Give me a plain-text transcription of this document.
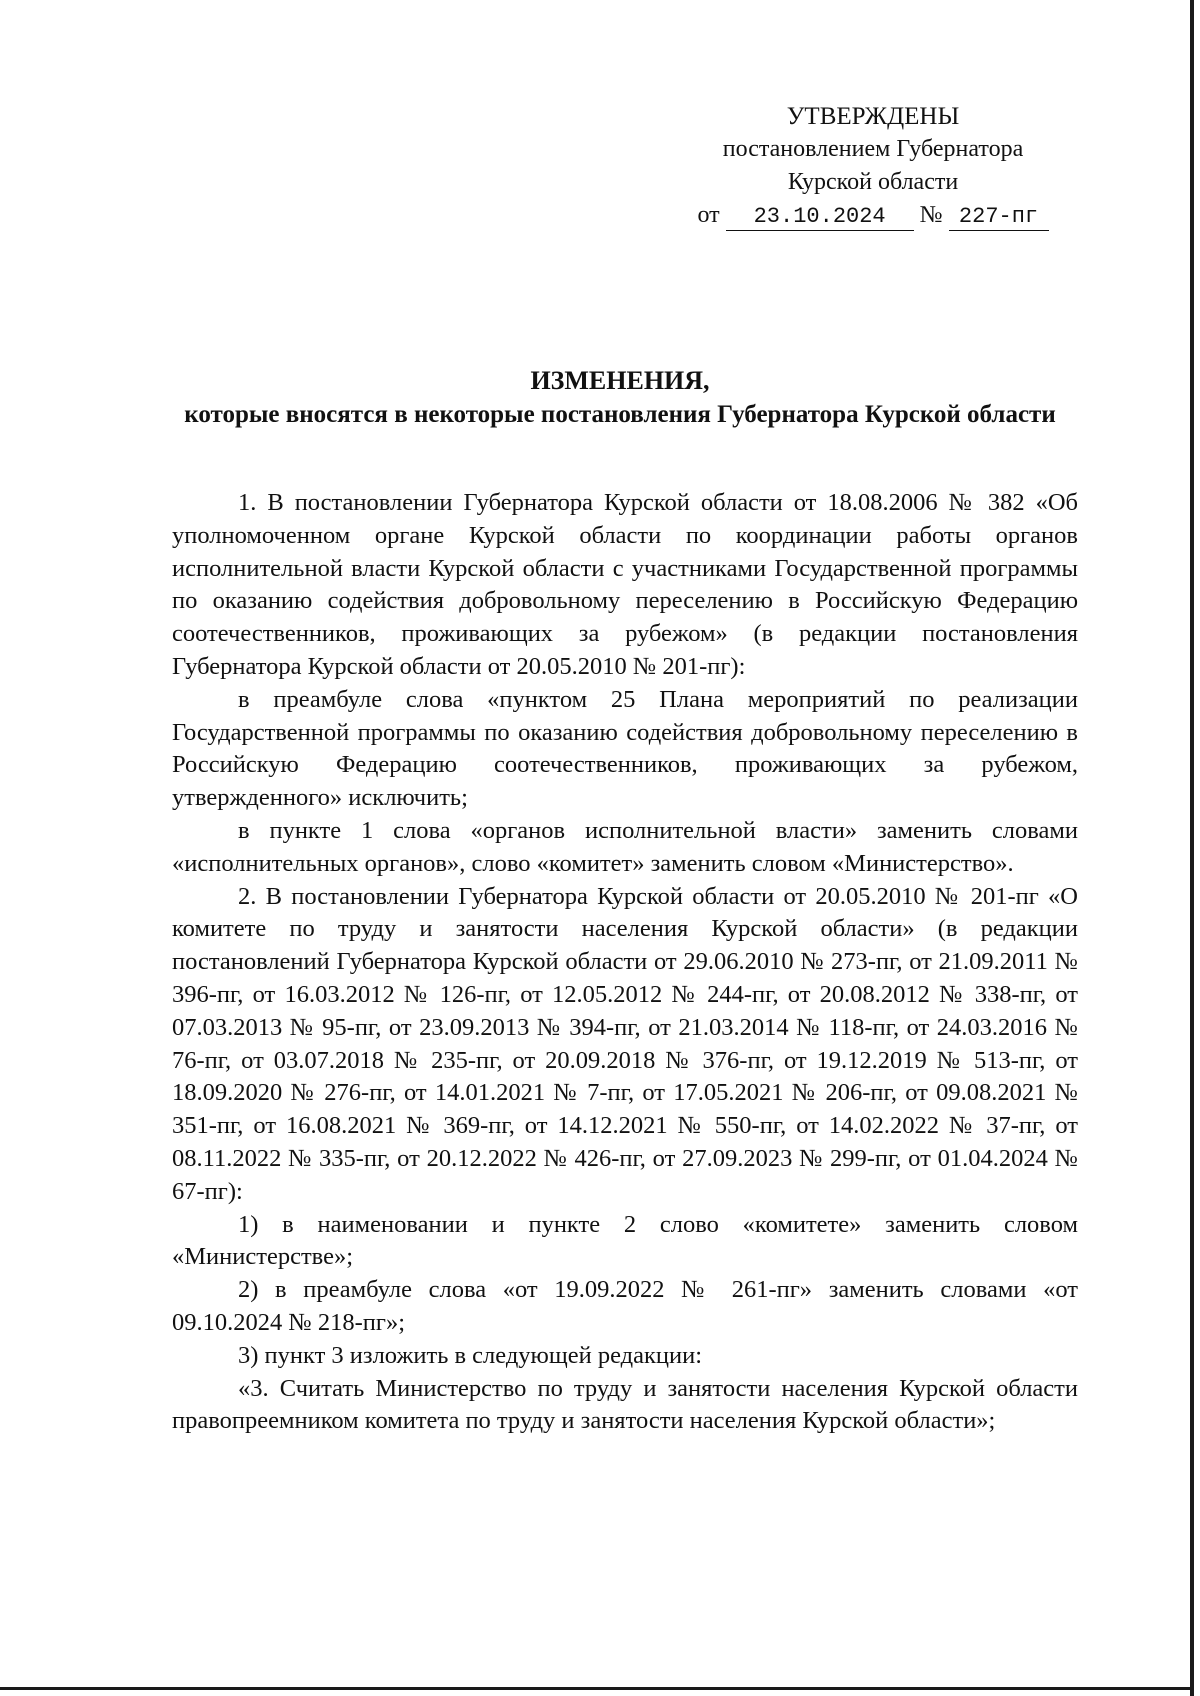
УТВЕРЖДЕНЫ
постановлением Губернатора
Курской области
от 23.10.2024 № 227-пг
ИЗМЕНЕНИЯ,
которые вносятся в некоторые постановления Губернатора Курской области

1. В постановлении Губернатора Курской области от 18.08.2006 № 382 «Об уполномоченном органе Курской области по координации работы органов исполнительной власти Курской области с участниками Государственной программы по оказанию содействия добровольному переселению в Российскую Федерацию соотечественников, проживающих за рубежом» (в редакции постановления Губернатора Курской области от 20.05.2010 № 201-пг):

в преамбуле слова «пунктом 25 Плана мероприятий по реализации Государственной программы по оказанию содействия добровольному переселению в Российскую Федерацию соотечественников, проживающих за рубежом, утвержденного» исключить;

в пункте 1 слова «органов исполнительной власти» заменить словами «исполнительных органов», слово «комитет» заменить словом «Министерство».

2. В постановлении Губернатора Курской области от 20.05.2010 № 201-пг «О комитете по труду и занятости населения Курской области» (в редакции постановлений Губернатора Курской области от 29.06.2010 № 273-пг, от 21.09.2011 № 396-пг, от 16.03.2012 № 126-пг, от 12.05.2012 № 244-пг, от 20.08.2012 № 338-пг, от 07.03.2013 № 95-пг, от 23.09.2013 № 394-пг, от 21.03.2014 № 118-пг, от 24.03.2016 № 76-пг, от 03.07.2018 № 235-пг, от 20.09.2018 № 376-пг, от 19.12.2019 № 513-пг, от 18.09.2020 № 276-пг, от 14.01.2021 № 7-пг, от 17.05.2021 № 206-пг, от 09.08.2021 № 351-пг, от 16.08.2021 № 369-пг, от 14.12.2021 № 550-пг, от 14.02.2022 № 37-пг, от 08.11.2022 № 335-пг, от 20.12.2022 № 426-пг, от 27.09.2023 № 299-пг, от 01.04.2024 № 67-пг):

1) в наименовании и пункте 2 слово «комитете» заменить словом «Министерстве»;

2) в преамбуле слова «от 19.09.2022 № 261-пг» заменить словами «от 09.10.2024 № 218-пг»;

3) пункт 3 изложить в следующей редакции:

«3. Считать Министерство по труду и занятости населения Курской области правопреемником комитета по труду и занятости населения Курской области»;
